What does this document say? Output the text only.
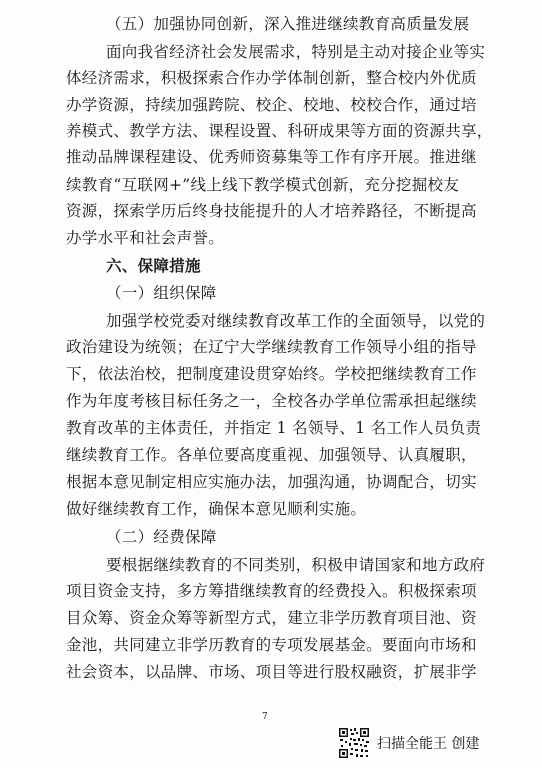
（五）加强协同创新，深入推进继续教育高质量发展
面向我省经济社会发展需求，特别是主动对接企业等实
体经济需求，积极探索合作办学体制创新，整合校内外优质
办学资源，持续加强跨院、校企、校地、校校合作，通过培
养模式、教学方法、课程设置、科研成果等方面的资源共享，
推动品牌课程建设、优秀师资募集等工作有序开展。推进继
续教育“互联网+”线上线下教学模式创新，充分挖掘校友
资源，探索学历后终身技能提升的人才培养路径，不断提高
办学水平和社会声誉。
六、保障措施
（一）组织保障
加强学校党委对继续教育改革工作的全面领导，以党的
政治建设为统领；在辽宁大学继续教育工作领导小组的指导
下，依法治校，把制度建设贯穿始终。学校把继续教育工作
作为年度考核目标任务之一，全校各办学单位需承担起继续
教育改革的主体责任，并指定 1 名领导、1 名工作人员负责
继续教育工作。各单位要高度重视、加强领导、认真履职，
根据本意见制定相应实施办法，加强沟通，协调配合，切实
做好继续教育工作，确保本意见顺利实施。
（二）经费保障
要根据继续教育的不同类别，积极申请国家和地方政府
项目资金支持，多方筹措继续教育的经费投入。积极探索项
目众筹、资金众筹等新型方式，建立非学历教育项目池、资
金池，共同建立非学历教育的专项发展基金。要面向市场和
社会资本，以品牌、市场、项目等进行股权融资，扩展非学
7
扫描全能王 创建
